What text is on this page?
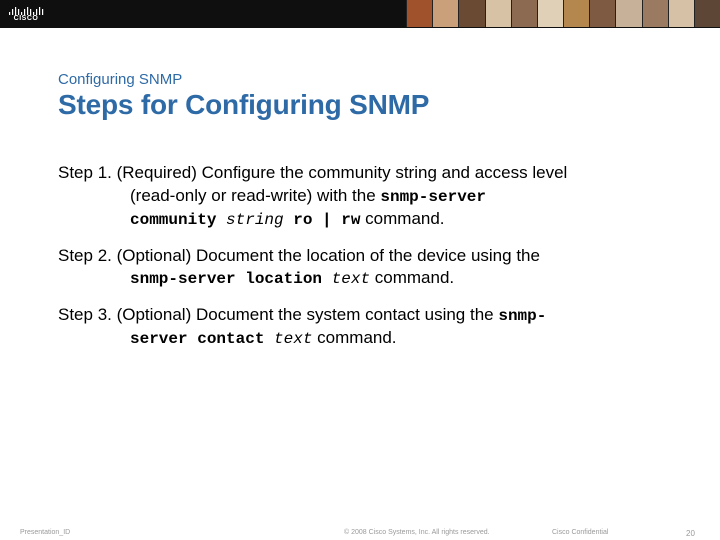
CISCO
Configuring SNMP
Steps for Configuring SNMP
Step 1. (Required) Configure the community string and access level
(read-only or read-write) with the snmp-server
community string ro | rw command.
Step 2. (Optional) Document the location of the device using the
snmp-server location text command.
Step 3. (Optional) Document the system contact using the snmp-
server contact text command.
Presentation_ID	© 2008 Cisco Systems, Inc. All rights reserved.	Cisco Confidential	20
